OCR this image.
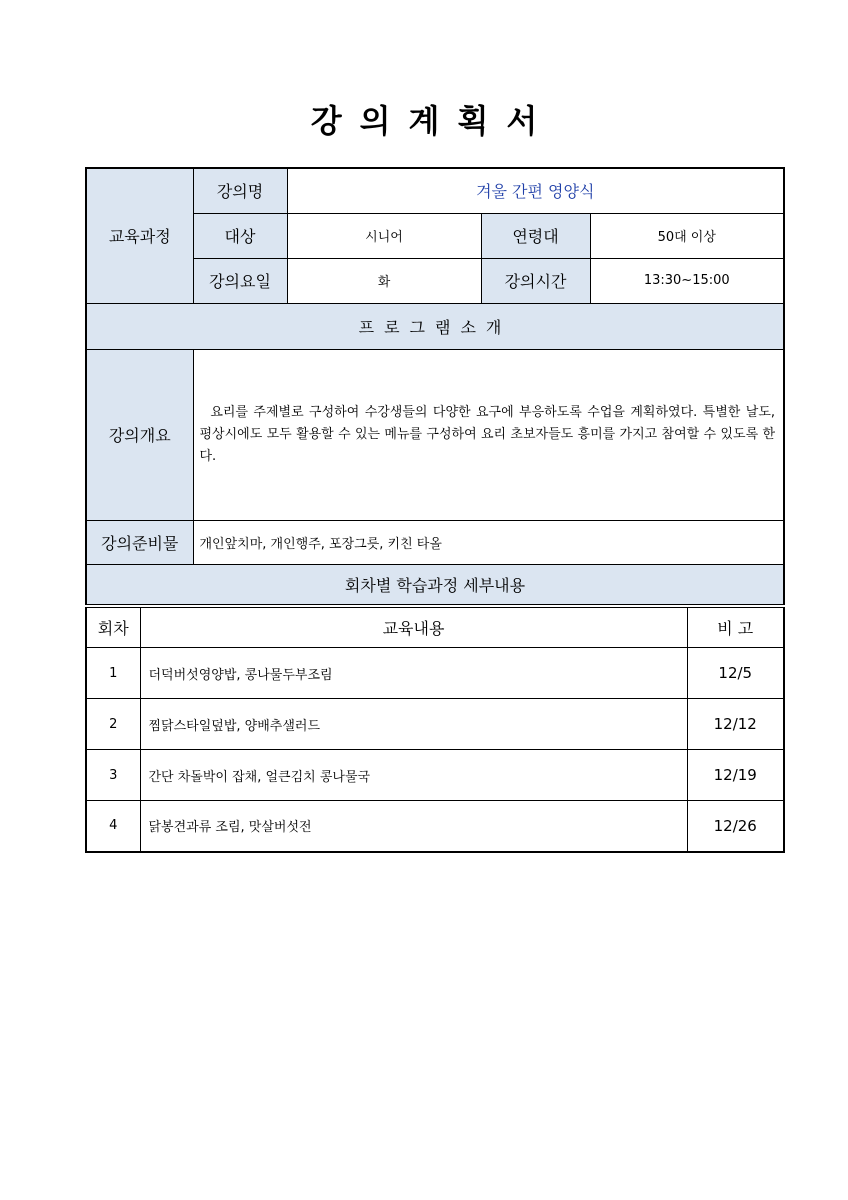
강의계획서
교육과정	강의명	겨울 간편 영양식		
	대상	시니어	연령대	50대 이상
	강의요일	화	강의시간	13:30~15:00
프로그램소개				
강의개요	요리를 주제별로 구성하여 수강생들의 다양한 요구에 부응하도록 수업을 계획하였다. 특별한 날도, 평상시에도 모두 활용할 수 있는 메뉴를 구성하여 요리 초보자들도 흥미를 가지고 참여할 수 있도록 한다.			
강의준비물	개인앞치마, 개인행주, 포장그릇, 키친 타올			
회차별 학습과정 세부내용				
회차	교육내용	비 고
1	더덕버섯영양밥, 콩나물두부조림	12/5
2	찜닭스타일덮밥, 양배추샐러드	12/12
3	간단 차돌박이 잡채, 얼큰김치 콩나물국	12/19
4	닭봉견과류 조림, 맛살버섯전	12/26
